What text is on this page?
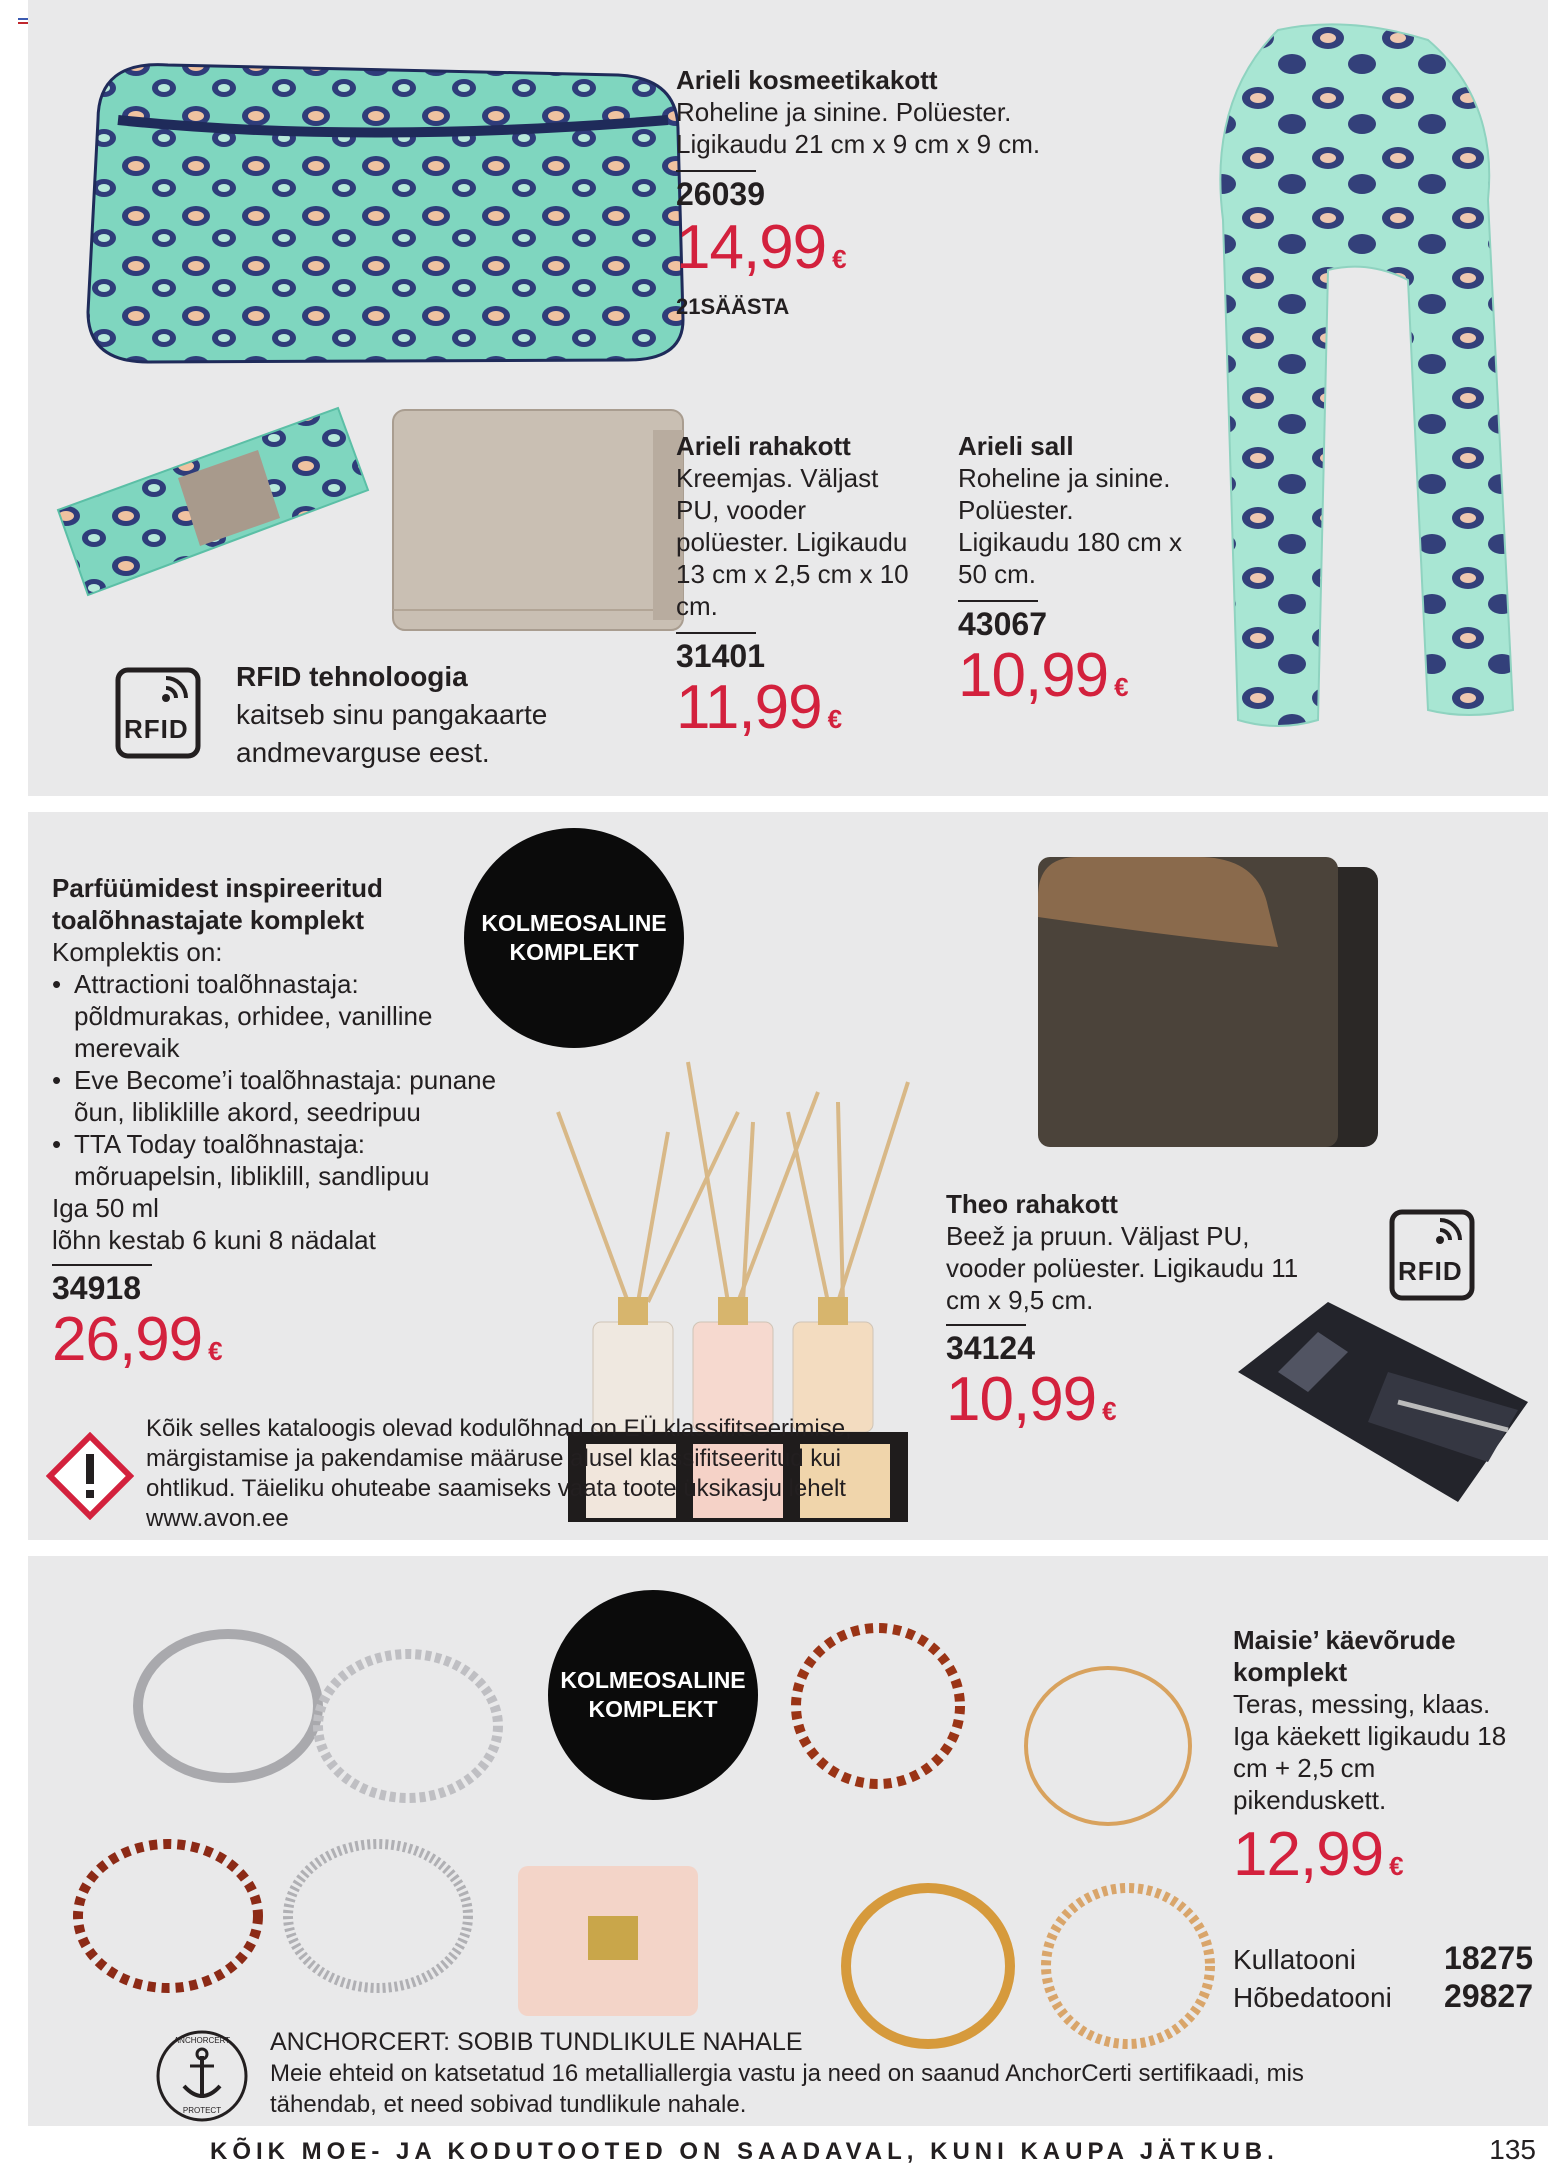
Arieli kosmeetikakott
Roheline ja sinine. Polüester. Ligikaudu 21 cm x 9 cm x 9 cm.
26039
14,99 €
21SÄÄSTA
Arieli rahakott
Kreemjas. Väljast PU, vooder polüester. Ligikaudu 13 cm x 2,5 cm x 10 cm.
31401
11,99 €
Arieli sall
Roheline ja sinine. Polüester. Ligikaudu 180 cm x 50 cm.
43067
10,99 €
RFID
RFID tehnoloogia
kaitseb sinu pangakaarte andmevarguse eest.
Parfüümidest inspireeritud toalõhnastajate komplekt
Komplektis on:
• Attractioni toalõhnastaja: põldmurakas, orhidee, vanilline merevaik
• Eve Become’i toalõhnastaja: punane õun, libliklille akord, seedripuu
• TTA Today toalõhnastaja: mõruapelsin, libliklill, sandlipuu
Iga 50 ml
lõhn kestab 6 kuni 8 nädalat
34918
26,99 €
KOLMEOSALINE
KOMPLEKT
Theo rahakott
Beež ja pruun. Väljast PU, vooder polüester. Ligikaudu 11 cm x 9,5 cm.
34124
10,99 €
RFID
Kõik selles kataloogis olevad kodulõhnad on EÜ klassifitseerimise, märgistamise ja pakendamise määruse alusel klassifitseeritud kui ohtlikud. Täieliku ohuteabe saamiseks vaata toote üksikasju lehelt www.avon.ee
KOLMEOSALINE
KOMPLEKT
Maisie’ käevõrude komplekt
Teras, messing, klaas. Iga käekett ligikaudu 18 cm + 2,5 cm pikenduskett.
12,99 €
Kullatooni	18275
Hõbedatooni 29827
ANCHORCERT
PROTECT
ANCHORCERT: SOBIB TUNDLIKULE NAHALE
Meie ehteid on katsetatud 16 metalliallergia vastu ja need on saanud AnchorCerti sertifikaadi, mis tähendab, et need sobivad tundlikule nahale.
KÕIK MOE- JA KODUTOOTED ON SAADAVAL, KUNI KAUPA JÄTKUB.	135
